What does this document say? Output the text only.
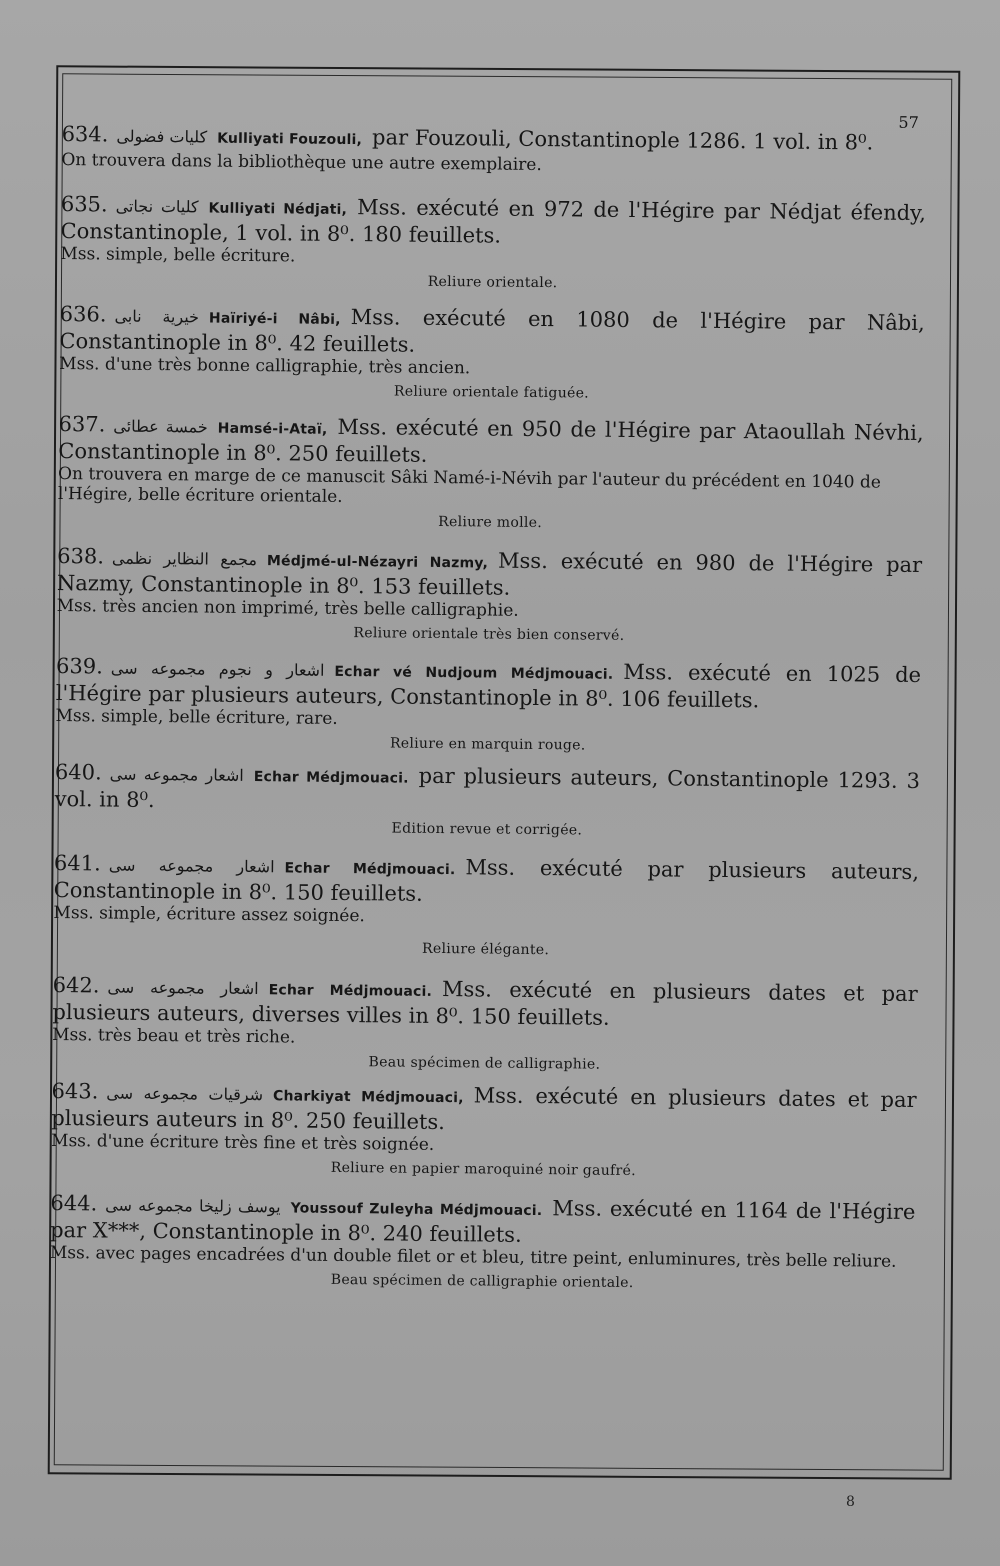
57
634. كليات فضولى Kulliyati Fouzouli, par Fouzouli, Constantinople 1286. 1 vol. in 8⁰.
On trouvera dans la bibliothèque une autre exemplaire.
635. كليات نجاتى Kulliyati Nédjati, Mss. exécuté en 972 de l'Hégire par Nédjat éfendy, Constantinople, 1 vol. in 8⁰. 180 feuillets.
Mss. simple, belle écriture.
Reliure orientale.
636. خيرية نابى Haïriyé-i Nâbi, Mss. exécuté en 1080 de l'Hégire par Nâbi, Constantinople in 8⁰. 42 feuillets.
Mss. d'une très bonne calligraphie, très ancien.
Reliure orientale fatiguée.
637. خمسة عطائى Hamsé-i-Ataï, Mss. exécuté en 950 de l'Hégire par Ataoullah Névhi, Constantinople in 8⁰. 250 feuillets.
On trouvera en marge de ce manuscit Sâki Namé-i-Névih par l'auteur du précédent en 1040 de l'Hégire, belle écriture orientale.
Reliure molle.
638. مجمع النظاير نظمى Médjmé-ul-Nézayri Nazmy, Mss. exécuté en 980 de l'Hégire par Nazmy, Constantinople in 8⁰. 153 feuillets.
Mss. très ancien non imprimé, très belle calligraphie.
Reliure orientale très bien conservé.
639. اشعار و نجوم مجموعه سى Echar vé Nudjoum Médjmouaci. Mss. exécuté en 1025 de l'Hégire par plusieurs auteurs, Constantinople in 8⁰. 106 feuillets.
Mss. simple, belle écriture, rare.
Reliure en marquin rouge.
640. اشعار مجموعه سى Echar Médjmouaci. par plusieurs auteurs, Constantinople 1293. 3 vol. in 8⁰.
Edition revue et corrigée.
641. اشعار مجموعه سى Echar Médjmouaci. Mss. exécuté par plusieurs auteurs, Constantinople in 8⁰. 150 feuillets.
Mss. simple, écriture assez soignée.
Reliure élégante.
642. اشعار مجموعه سى Echar Médjmouaci. Mss. exécuté en plusieurs dates et par plusieurs auteurs, diverses villes in 8⁰. 150 feuillets.
Mss. très beau et très riche.
Beau spécimen de calligraphie.
643. شرقيات مجموعه سى Charkiyat Médjmouaci, Mss. exécuté en plusieurs dates et par plusieurs auteurs in 8⁰. 250 feuillets.
Mss. d'une écriture très fine et très soignée.
Reliure en papier maroquiné noir gaufré.
644. يوسف زليخا مجموعه سى Youssouf Zuleyha Médjmouaci. Mss. exécuté en 1164 de l'Hégire par X***, Constantinople in 8⁰. 240 feuillets.
Mss. avec pages encadrées d'un double filet or et bleu, titre peint, enluminures, très belle reliure.
Beau spécimen de calligraphie orientale.
8
